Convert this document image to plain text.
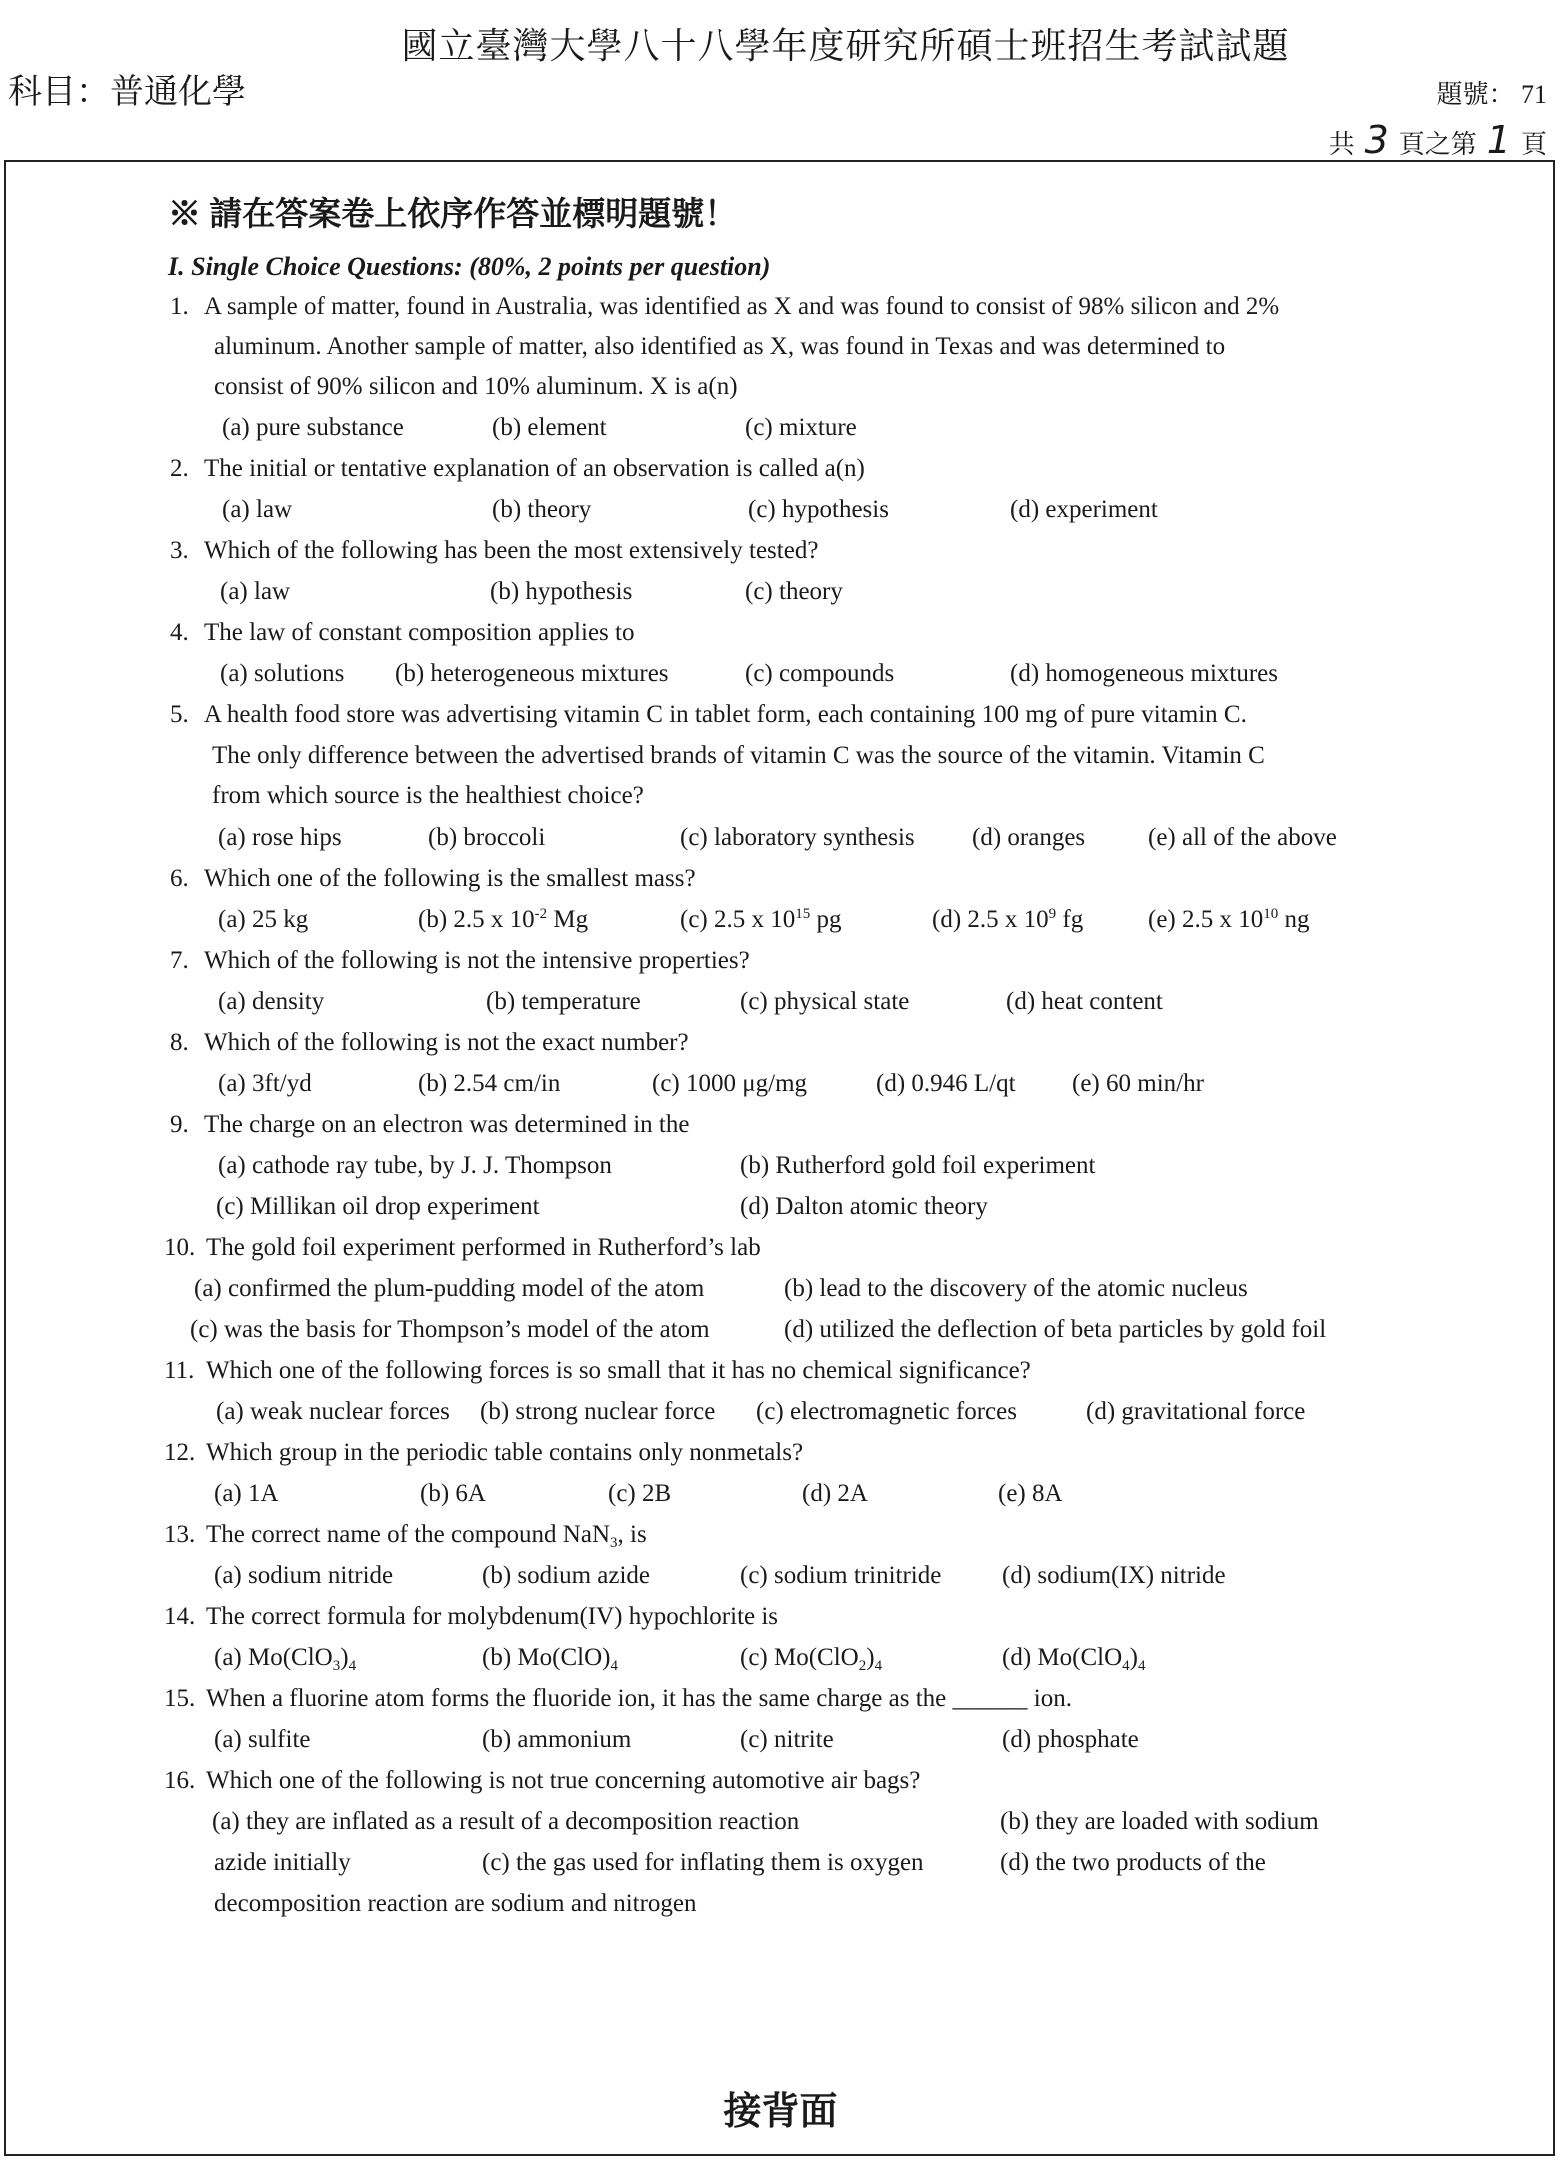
國立臺灣大學八十八學年度研究所碩士班招生考試試題
科目：普通化學	題號： 71
共 3 頁之第 1 頁
※ 請在答案卷上依序作答並標明題號！
I. Single Choice Questions: (80%, 2 points per question)
1. A sample of matter, found in Australia, was identified as X and was found to consist of 98% silicon and 2%
aluminum. Another sample of matter, also identified as X, was found in Texas and was determined to
consist of 90% silicon and 10% aluminum. X is a(n)
(a) pure substance	(b) element	(c) mixture
2. The initial or tentative explanation of an observation is called a(n)
(a) law	(b) theory	(c) hypothesis	(d) experiment
3. Which of the following has been the most extensively tested?
(a) law	(b) hypothesis	(c) theory
4. The law of constant composition applies to
(a) solutions (b) heterogeneous mixtures	(c) compounds	(d) homogeneous mixtures
5. A health food store was advertising vitamin C in tablet form, each containing 100 mg of pure vitamin C.
The only difference between the advertised brands of vitamin C was the source of the vitamin. Vitamin C
from which source is the healthiest choice?
(a) rose hips	(b) broccoli	(c) laboratory synthesis (d) oranges	(e) all of the above
6. Which one of the following is the smallest mass?
(a) 25 kg	(b) 2.5 x $10^{-2}$ Mg	(c) 2.5 x $10^{15}$ pg	(d) 2.5 x $10^9$ fg	(e) 2.5 x $10^{10}$ ng
7. Which of the following is not the intensive properties?
(a) density	(b) temperature	(c) physical state	(d) heat content
8. Which of the following is not the exact number?
(a) 3ft/yd	(b) 2.54 cm/in	(c) 1000 μg/mg	(d) 0.946 L/qt (e) 60 min/hr
9. The charge on an electron was determined in the
(a) cathode ray tube, by J. J. Thompson	(b) Rutherford gold foil experiment
(c) Millikan oil drop experiment	(d) Dalton atomic theory
10. The gold foil experiment performed in Rutherford’s lab
(a) confirmed the plum-pudding model of the atom	(b) lead to the discovery of the atomic nucleus
(c) was the basis for Thompson’s model of the atom	(d) utilized the deflection of beta particles by gold foil
11. Which one of the following forces is so small that it has no chemical significance?
(a) weak nuclear forces (b) strong nuclear force (c) electromagnetic forces	(d) gravitational force
12. Which group in the periodic table contains only nonmetals?
(a) 1A	(b) 6A	(c) 2B	(d) 2A	(e) 8A
13. The correct name of the compound NaN$_3$, is
(a) sodium nitride	(b) sodium azide	(c) sodium trinitride (d) sodium(IX) nitride
14. The correct formula for molybdenum(IV) hypochlorite is
(a) $Mo(ClO_3)_4$	(b) $Mo(ClO)_4$	(c) $Mo(ClO_2)_4$	(d) $Mo(ClO_4)_4$
15. When a fluorine atom forms the fluoride ion, it has the same charge as the ______ ion.
(a) sulfite	(b) ammonium	(c) nitrite	(d) phosphate
16. Which one of the following is not true concerning automotive air bags?
(a) they are inflated as a result of a decomposition reaction	(b) they are loaded with sodium
azide initially	(c) the gas used for inflating them is oxygen	(d) the two products of the
decomposition reaction are sodium and nitrogen
接背面
